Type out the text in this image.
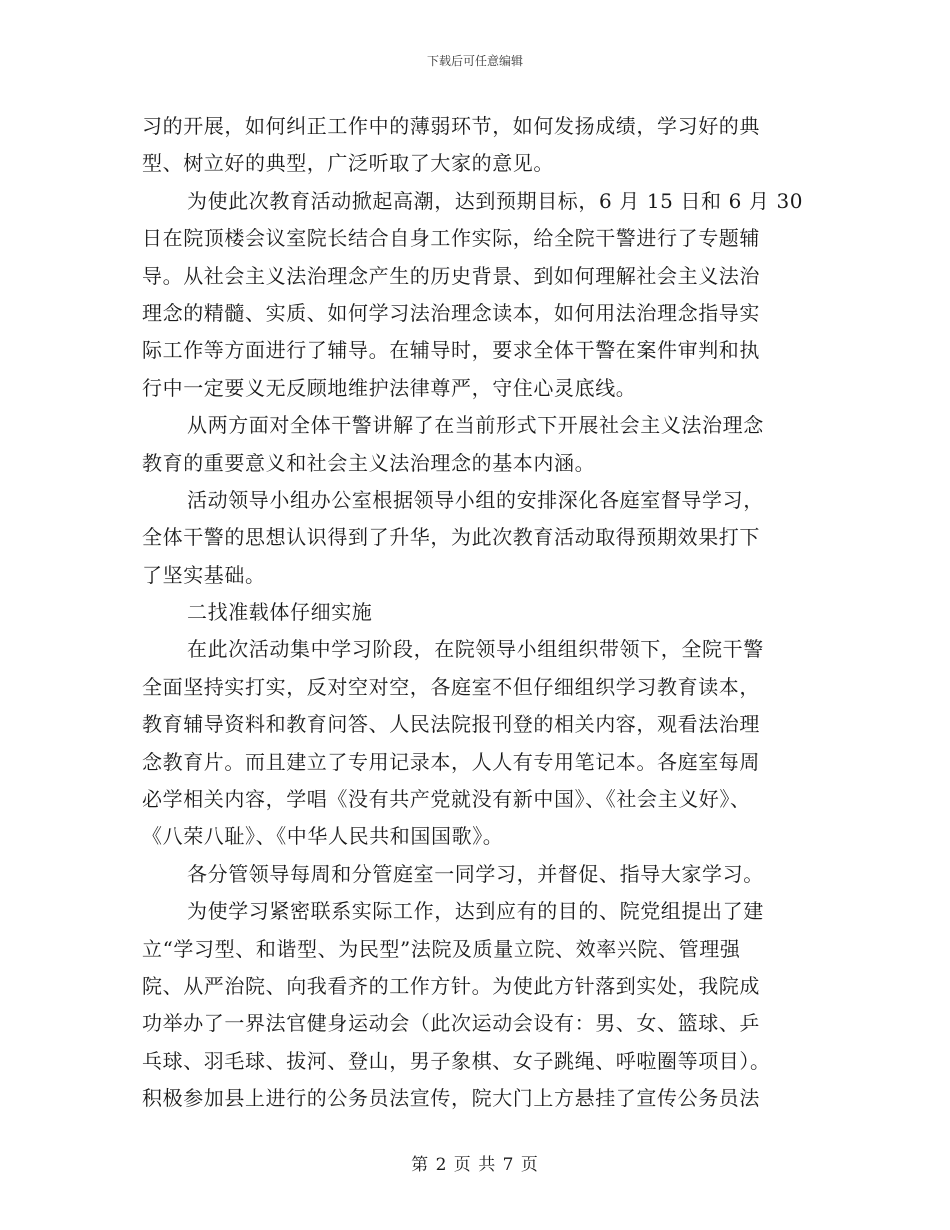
下载后可任意编辑
习的开展，如何纠正工作中的薄弱环节，如何发扬成绩，学习好的典
型、树立好的典型，广泛听取了大家的意见。
为使此次教育活动掀起高潮，达到预期目标，6 月 15 日和 6 月 30
日在院顶楼会议室院长结合自身工作实际，给全院干警进行了专题辅
导。从社会主义法治理念产生的历史背景、到如何理解社会主义法治
理念的精髓、实质、如何学习法治理念读本，如何用法治理念指导实
际工作等方面进行了辅导。在辅导时，要求全体干警在案件审判和执
行中一定要义无反顾地维护法律尊严，守住心灵底线。
从两方面对全体干警讲解了在当前形式下开展社会主义法治理念
教育的重要意义和社会主义法治理念的基本内涵。
活动领导小组办公室根据领导小组的安排深化各庭室督导学习，
全体干警的思想认识得到了升华，为此次教育活动取得预期效果打下
了坚实基础。
二找准载体仔细实施
在此次活动集中学习阶段，在院领导小组组织带领下，全院干警
全面坚持实打实，反对空对空，各庭室不但仔细组织学习教育读本，
教育辅导资料和教育问答、人民法院报刊登的相关内容，观看法治理
念教育片。而且建立了专用记录本，人人有专用笔记本。各庭室每周
必学相关内容，学唱《没有共产党就没有新中国》、《社会主义好》、
《八荣八耻》、《中华人民共和国国歌》。
各分管领导每周和分管庭室一同学习，并督促、指导大家学习。
为使学习紧密联系实际工作，达到应有的目的、院党组提出了建
立“学习型、和谐型、为民型”法院及质量立院、效率兴院、管理强
院、从严治院、向我看齐的工作方针。为使此方针落到实处，我院成
功举办了一界法官健身运动会（此次运动会设有：男、女、篮球、乒
乓球、羽毛球、拔河、登山，男子象棋、女子跳绳、呼啦圈等项目）。
积极参加县上进行的公务员法宣传，院大门上方悬挂了宣传公务员法
第 2 页 共 7 页
